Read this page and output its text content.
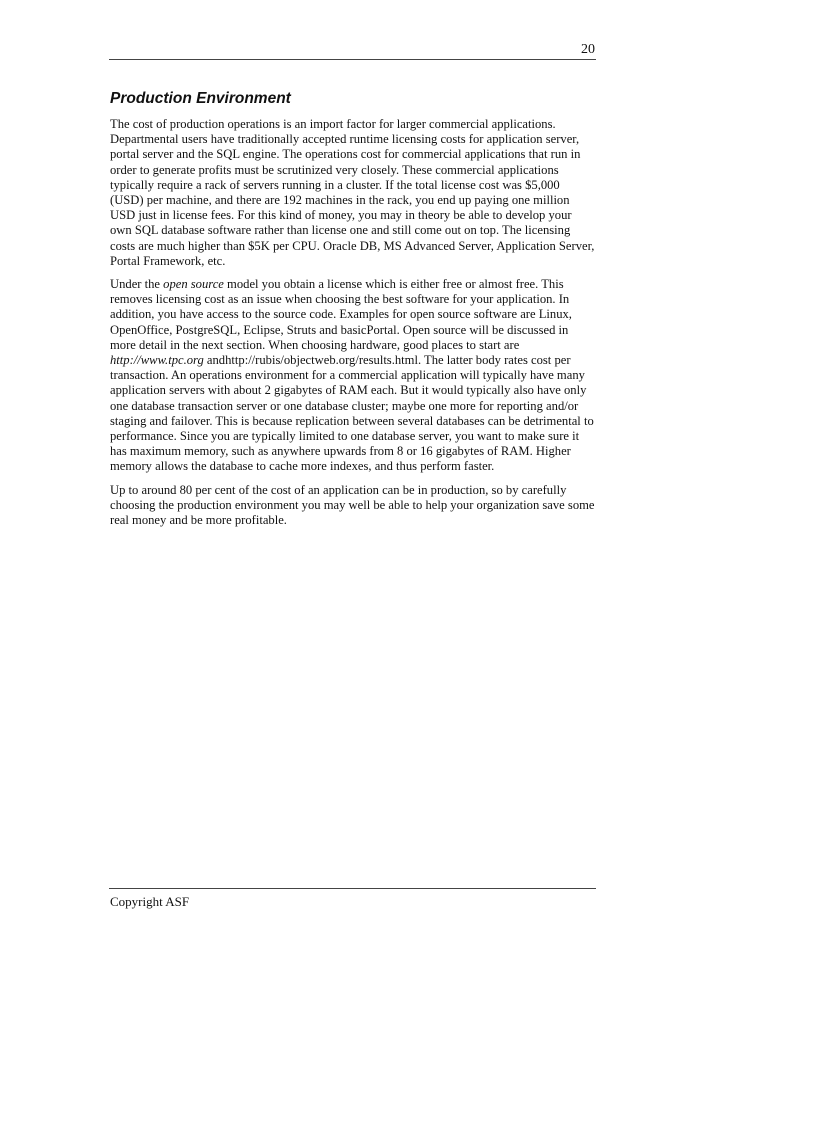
20
Production Environment

The cost of production operations is an import factor for larger commercial applications. Departmental users have traditionally accepted runtime licensing costs for application server, portal server and the SQL engine. The operations cost for commercial applications that run in order to generate profits must be scrutinized very closely. These commercial applications typically require a rack of servers running in a cluster. If the total license cost was $5,000 (USD) per machine, and there are 192 machines in the rack, you end up paying one million USD just in license fees. For this kind of money, you may in theory be able to develop your own SQL database software rather than license one and still come out on top. The licensing costs are much higher than $5K per CPU. Oracle DB, MS Advanced Server, Application Server, Portal Framework, etc.

Under the open source model you obtain a license which is either free or almost free. This removes licensing cost as an issue when choosing the best software for your application. In addition, you have access to the source code. Examples for open source software are Linux, OpenOffice, PostgreSQL, Eclipse, Struts and basicPortal. Open source will be discussed in more detail in the next section. When choosing hardware, good places to start are http://www.tpc.org andhttp://rubis/objectweb.org/results.html. The latter body rates cost per transaction. An operations environment for a commercial application will typically have many application servers with about 2 gigabytes of RAM each. But it would typically also have only one database transaction server or one database cluster; maybe one more for reporting and/or staging and failover. This is because replication between several databases can be detrimental to performance. Since you are typically limited to one database server, you want to make sure it has maximum memory, such as anywhere upwards from 8 or 16 gigabytes of RAM. Higher memory allows the database to cache more indexes, and thus perform faster.

Up to around 80 per cent of the cost of an application can be in production, so by carefully choosing the production environment you may well be able to help your organization save some real money and be more profitable.

Copyright ASF
